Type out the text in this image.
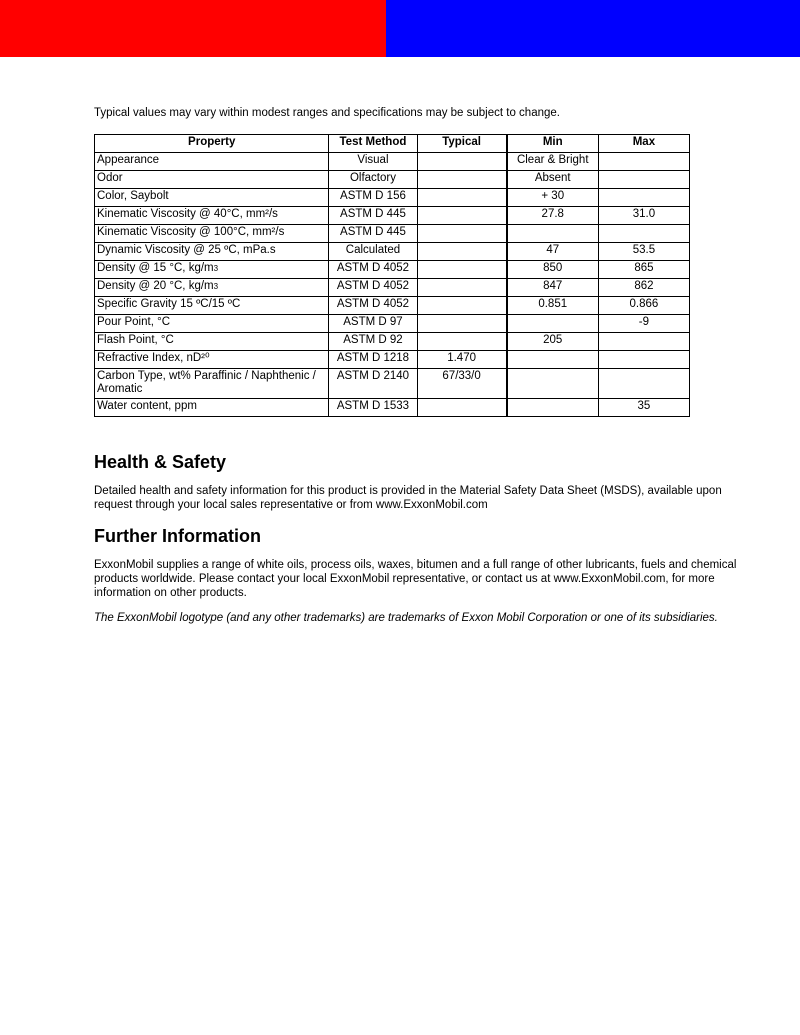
Typical values may vary within modest ranges and specifications may be subject to change.

Property	Test Method	Typical		Min	Max
Appearance	Visual			Clear & Bright	
Odor	Olfactory			Absent	
Color, Saybolt	ASTM D 156			+ 30	
Kinematic Viscosity @ 40°C, mm²/s	ASTM D 445			27.8	31.0
Kinematic Viscosity @ 100°C, mm²/s	ASTM D 445				
Dynamic Viscosity @ 25 ºC, mPa.s	Calculated			47	53.5
Density @ 15 °C, kg/m3	ASTM D 4052			850	865
Density @ 20 °C, kg/m3	ASTM D 4052			847	862
Specific Gravity 15 ºC/15 ºC	ASTM D 4052			0.851	0.866
Pour Point, °C	ASTM D 97				-9
Flash Point, °C	ASTM D 92			205	
Refractive Index, nD²⁰	ASTM D 1218	1.470			
Carbon Type, wt% Paraffinic / Naphthenic / Aromatic	ASTM D 2140	67/33/0			
Water content, ppm	ASTM D 1533				35
Health & Safety

Detailed health and safety information for this product is provided in the Material Safety Data Sheet (MSDS), available upon request through your local sales representative or from www.ExxonMobil.com

Further Information

ExxonMobil supplies a range of white oils, process oils, waxes, bitumen and a full range of other lubricants, fuels and chemical products worldwide. Please contact your local ExxonMobil representative, or contact us at www.ExxonMobil.com, for more information on other products.

The ExxonMobil logotype (and any other trademarks) are trademarks of Exxon Mobil Corporation or one of its subsidiaries.
